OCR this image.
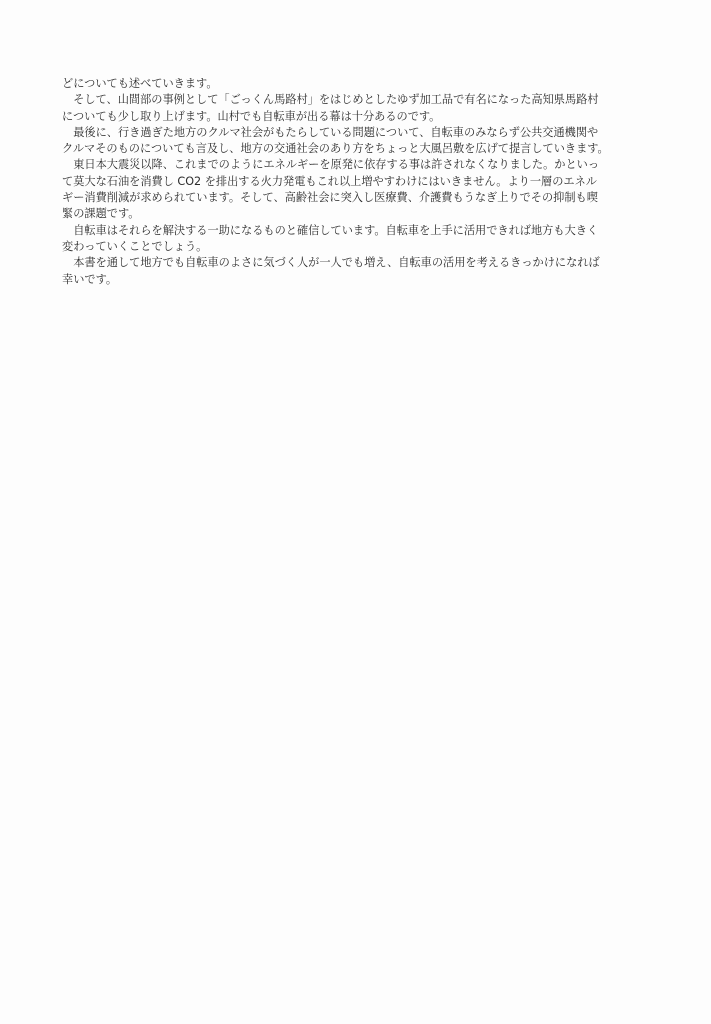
どについても述べていきます。
　そして、山間部の事例として「ごっくん馬路村」をはじめとしたゆず加工品で有名になった高知県馬路村
についても少し取り上げます。山村でも自転車が出る幕は十分あるのです。
　最後に、行き過ぎた地方のクルマ社会がもたらしている問題について、自転車のみならず公共交通機関や
クルマそのものについても言及し、地方の交通社会のあり方をちょっと大風呂敷を広げて提言していきます。
　東日本大震災以降、これまでのようにエネルギーを原発に依存する事は許されなくなりました。かといっ
て莫大な石油を消費し CO2 を排出する火力発電もこれ以上増やすわけにはいきません。より一層のエネル
ギー消費削減が求められています。そして、高齢社会に突入し医療費、介護費もうなぎ上りでその抑制も喫
緊の課題です。
　自転車はそれらを解決する一助になるものと確信しています。自転車を上手に活用できれば地方も大きく
変わっていくことでしょう。
　本書を通して地方でも自転車のよさに気づく人が一人でも増え、自転車の活用を考えるきっかけになれば
幸いです。
